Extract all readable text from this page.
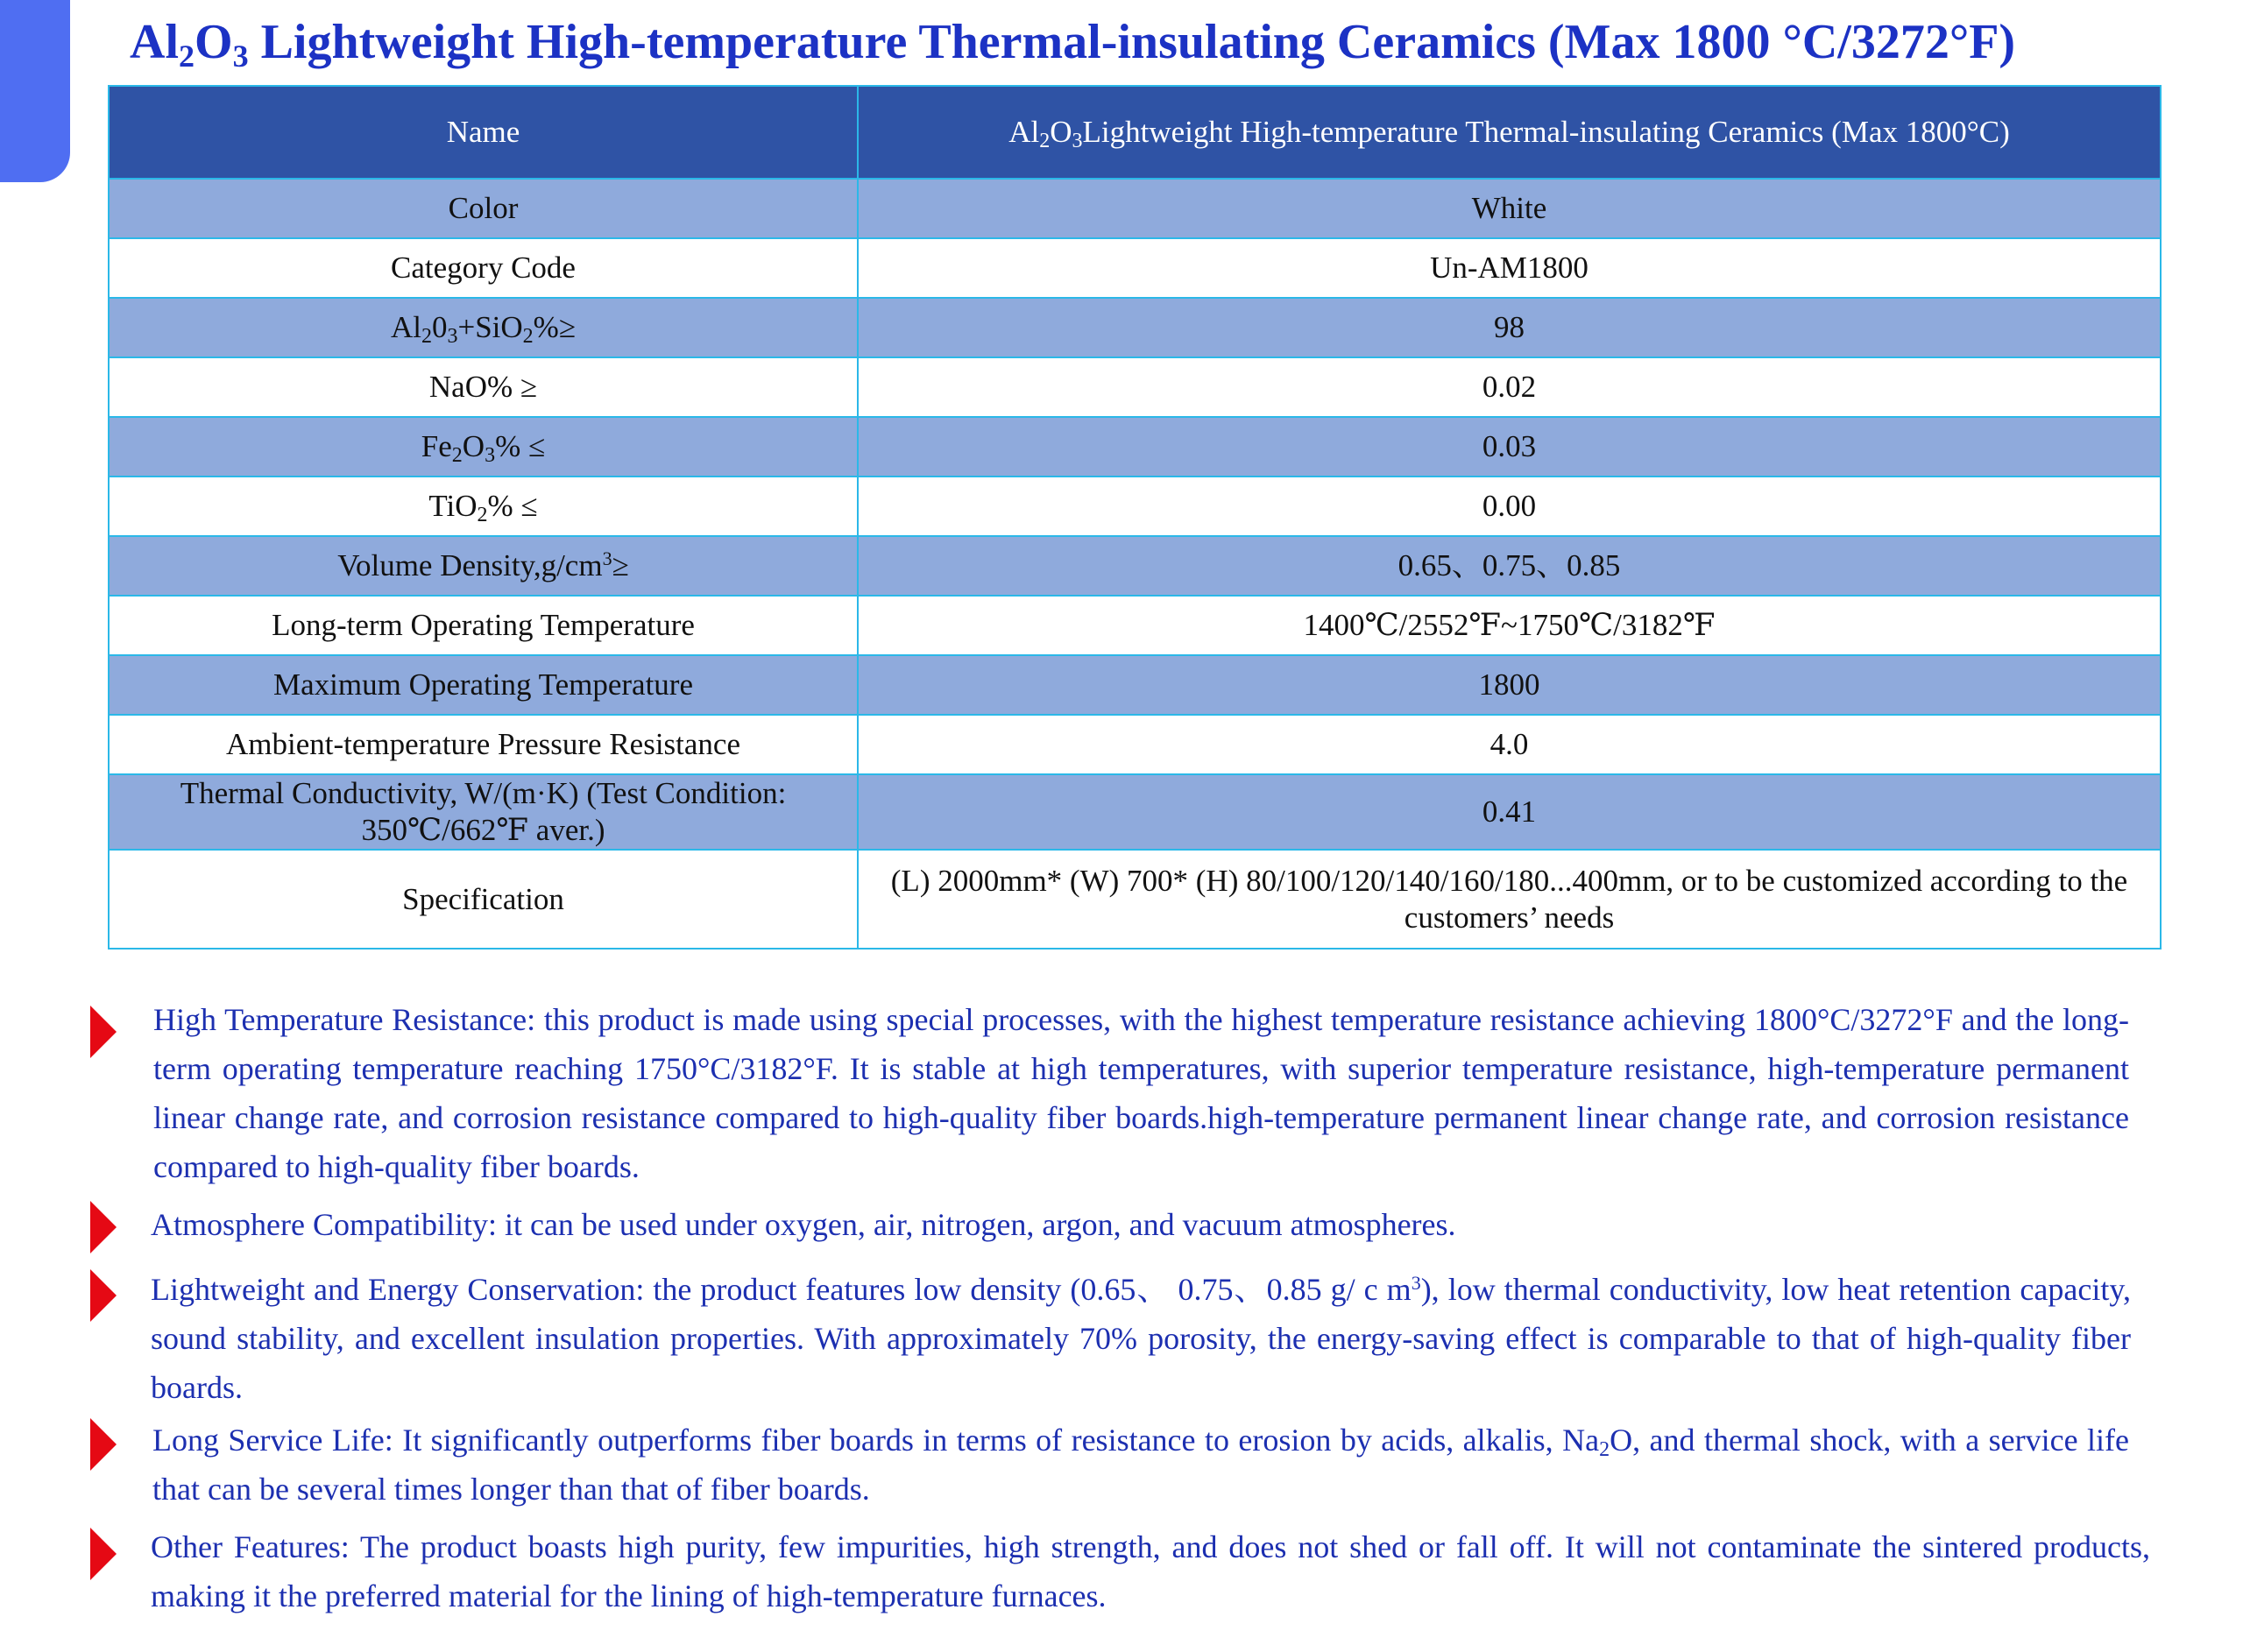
$Al_2O_3$ Lightweight High-temperature Thermal-insulating Ceramics (Max 1800 °C/3272°F)
Name	$Al_2O_3Lightweight$ High-temperature Thermal-insulating Ceramics (Max 1800°C)
Color	White
Category Code	Un-AM1800
$Al_20_3+SiO_2\%\ge$	98
NaO% ≥	0.02
$Fe_2O_3\%$ ≤	0.03
TiO$_2$% ≤	0.00
Volume $Density,g/cm^3\ge$	0.65、0.75、0.85
Long-term Operating Temperature	1400℃/2552℉~1750℃/3182℉
Maximum Operating Temperature	1800
Ambient-temperature Pressure Resistance	4.0

Thermal Conductivity, W/(m·K) (Test Condition:
350℃/662℉ aver.)	0.41
Specification	(L) 2000mm* (W) 700* (H) 80/100/120/140/160/180...400mm, or to be customized according to the
customers’ needs

High Temperature Resistance: this product is made using special processes, with the highest temperature resistance achieving 1800°C/3272°F and the long-term operating temperature reaching 1750°C/3182°F. It is stable at high temperatures, with superior temperature resistance, high-temperature permanent linear change rate, and corrosion resistance compared to high-quality fiber boards.high-temperature permanent linear change rate, and corrosion resistance compared to high-quality fiber boards.

Atmosphere Compatibility: it can be used under oxygen, air, nitrogen, argon, and vacuum atmospheres.

Lightweight and Energy Conservation: the product features low density (0.65、 0.75、0.85 g/ c $m^3$), low thermal conductivity, low heat retention capacity, sound stability, and excellent insulation properties. With approximately 70% porosity, the energy-saving effect is comparable to that of high-quality fiber boards.

Long Service Life: It significantly outperforms fiber boards in terms of resistance to erosion by acids, alkalis, $Na_2O$, and thermal shock, with a service life that can be several times longer than that of fiber boards.

Other Features: The product boasts high purity, few impurities, high strength, and does not shed or fall off. It will not contaminate the sintered products, making it the preferred material for the lining of high-temperature furnaces.
